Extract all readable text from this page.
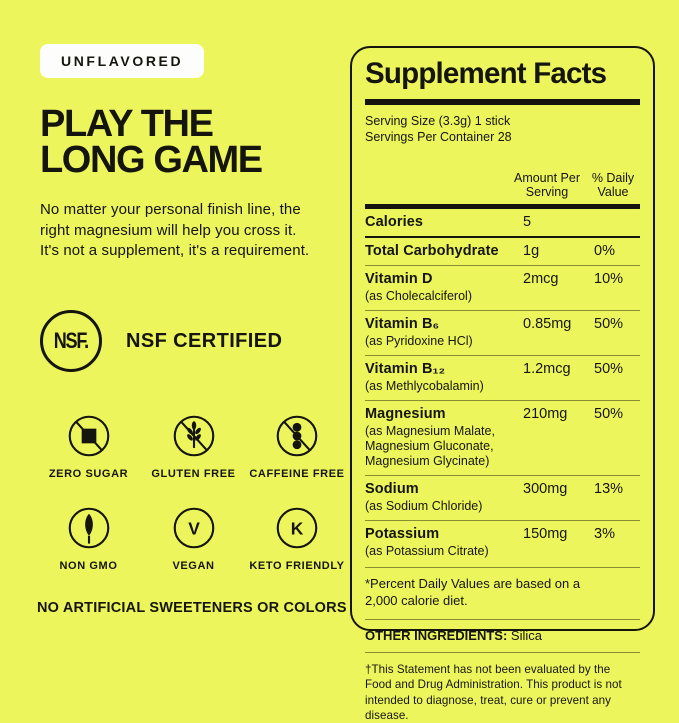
UNFLAVORED
PLAY THE
LONG GAME

No matter your personal finish line, the right magnesium will help you cross it. It's not a supplement, it's a requirement.

NSF. NSF CERTIFIED
ZERO SUGAR GLUTEN FREE CAFFEINE FREE
NON GMO
V
VEGAN
K
KETO FRIENDLY
NO ARTIFICIAL SWEETENERS OR COLORS
Supplement Facts
Serving Size (3.3g) 1 stick
Servings Per Container 28
Amount Per Serving
% Daily Value
Calories	5
Total Carbohydrate	1g	0%
Vitamin D
(as Cholecalciferol)
2mcg	10%
Vitamin B₆
(as Pyridoxine HCl)
0.85mg	50%
Vitamin B₁₂
(as Methlycobalamin)
1.2mcg	50%
Magnesium
(as Magnesium Malate, Magnesium Gluconate, Magnesium Glycinate)
210mg	50%
Sodium
(as Sodium Chloride)
300mg	13%
Potassium
(as Potassium Citrate)
150mg	3%
*Percent Daily Values are based on a 2,000 calorie diet.
OTHER INGREDIENTS: Silica
†This Statement has not been evaluated by the Food and Drug Administration. This product is not intended to diagnose, treat, cure or prevent any disease.
